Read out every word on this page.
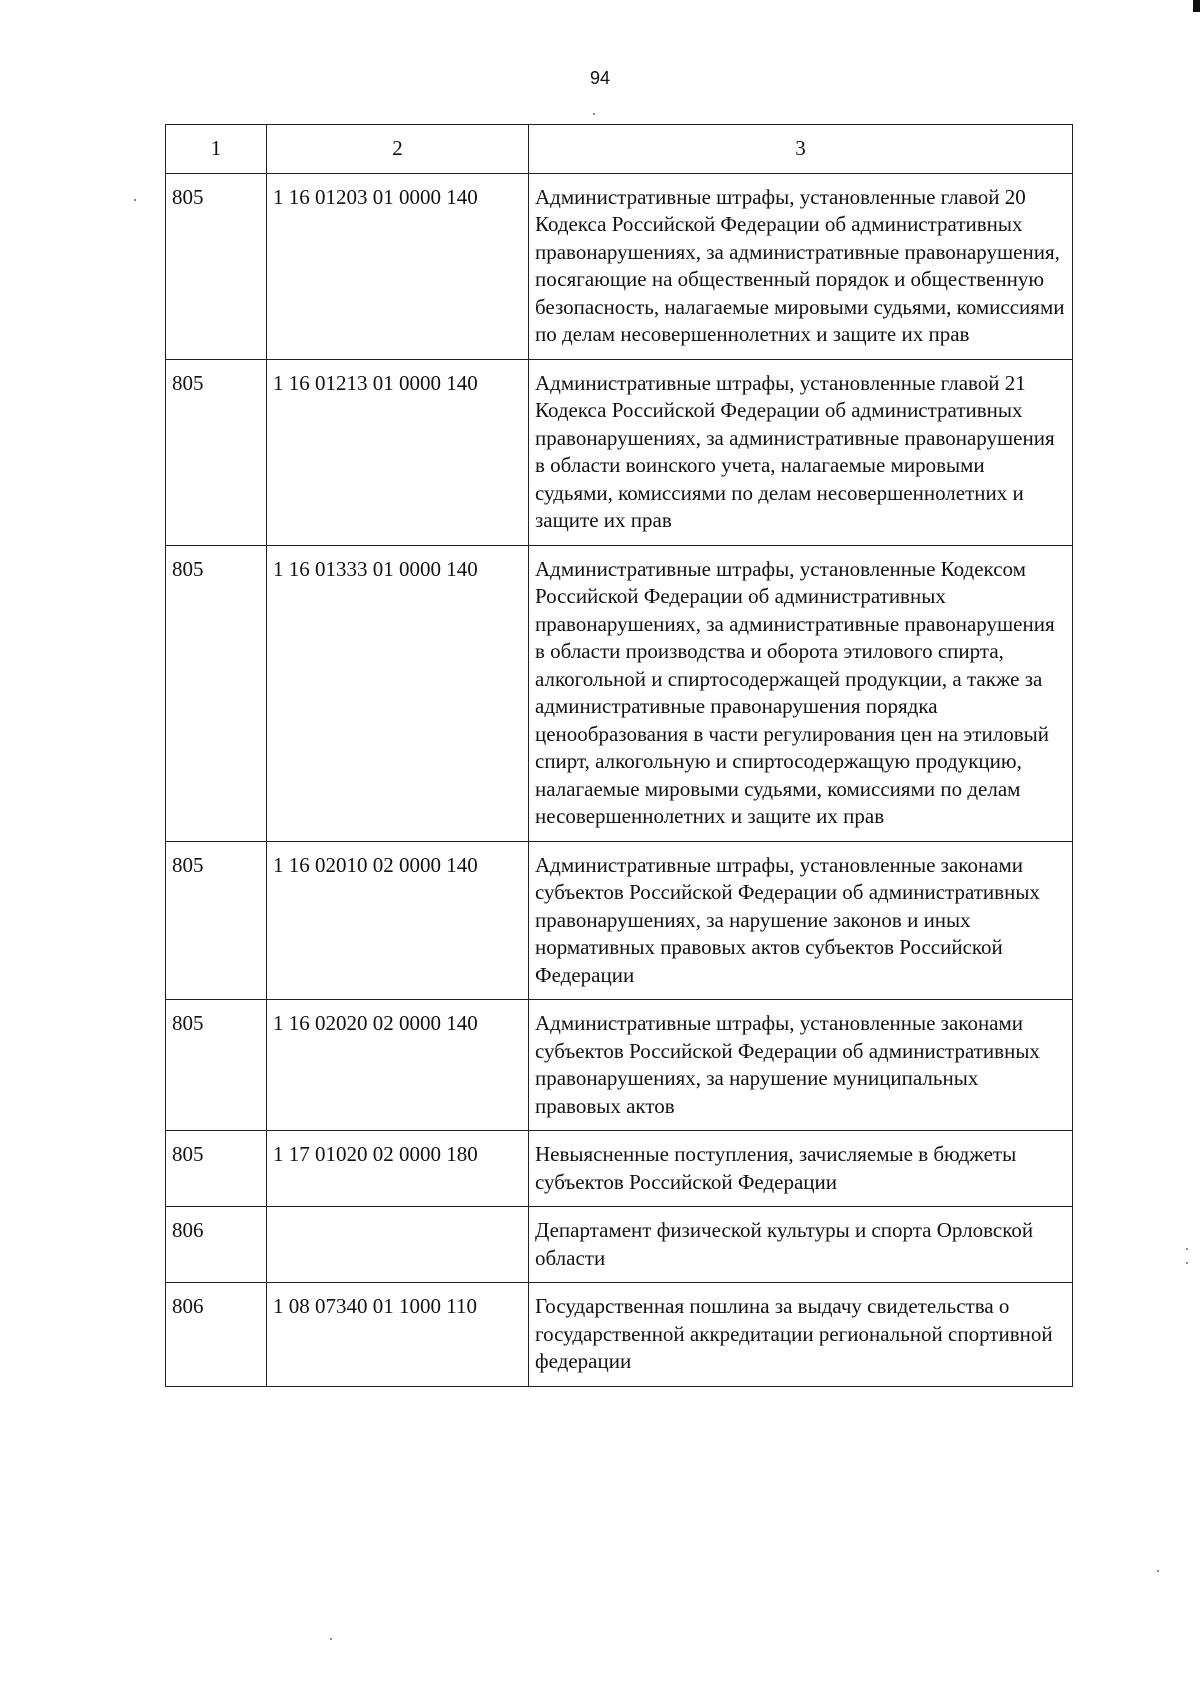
94
1	2	3
805	1 16 01203 01 0000 140	Административные штрафы, установленные главой 20 Кодекса Российской Федерации об административных правонарушениях, за административные правонарушения, посягающие на общественный порядок и общественную безопасность, налагаемые мировыми судьями, комиссиями по делам несовершеннолетних и защите их прав
805	1 16 01213 01 0000 140	Административные штрафы, установленные главой 21 Кодекса Российской Федерации об административных правонарушениях, за административные правонарушения в области воинского учета, налагаемые мировыми судьями, комиссиями по делам несовершеннолетних и защите их прав
805	1 16 01333 01 0000 140	Административные штрафы, установленные Кодексом Российской Федерации об административных правонарушениях, за административные правонарушения в области производства и оборота этилового спирта, алкогольной и спиртосодержащей продукции, а также за административные правонарушения порядка ценообразования в части регулирования цен на этиловый спирт, алкогольную и спиртосодержащую продукцию, налагаемые мировыми судьями, комиссиями по делам несовершеннолетних и защите их прав
805	1 16 02010 02 0000 140	Административные штрафы, установленные законами субъектов Российской Федерации об административных правонарушениях, за нарушение законов и иных нормативных правовых актов субъектов Российской Федерации
805	1 16 02020 02 0000 140	Административные штрафы, установленные законами субъектов Российской Федерации об административных правонарушениях, за нарушение муниципальных правовых актов
805	1 17 01020 02 0000 180	Невыясненные поступления, зачисляемые в бюджеты субъектов Российской Федерации
806		Департамент физической культуры и спорта Орловской области
806	1 08 07340 01 1000 110	Государственная пошлина за выдачу свидетельства о государственной аккредитации региональной спортивной федерации
